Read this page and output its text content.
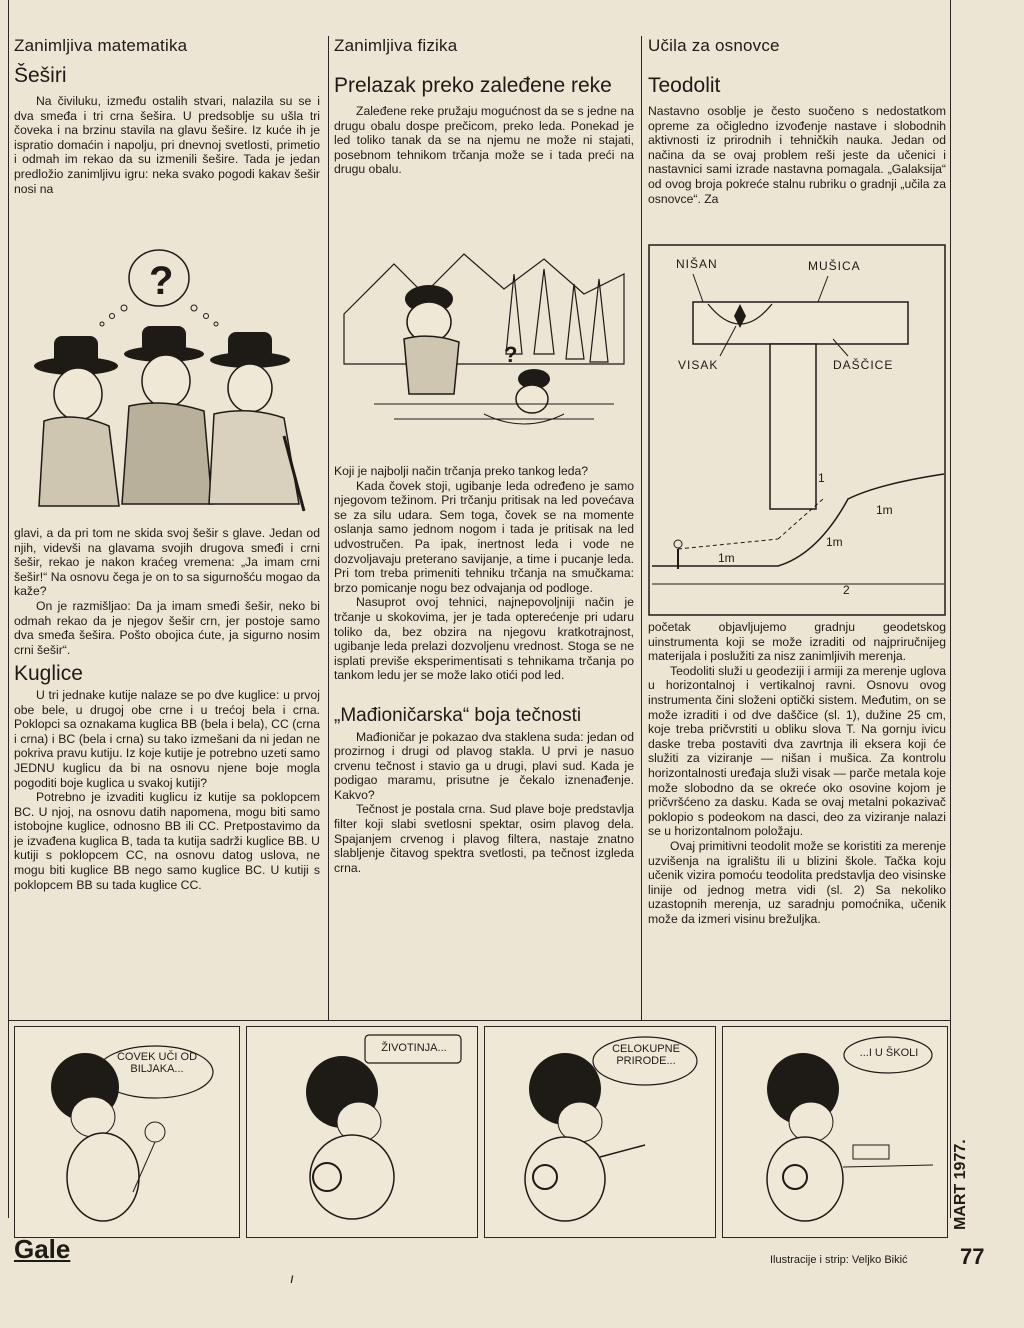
Zanimljiva matematika
Šeširi

Na čiviluku, između ostalih stvari, nalazila su se i dva smeđa i tri crna šešira. U predsoblje su ušla tri čoveka i na brzinu stavila na glavu šešire. Iz kuće ih je ispratio domaćin i napolju, pri dnevnoj svetlosti, primetio i odmah im rekao da su izmenili šešire. Tada je jedan predložio zanimljivu igru: neka svako pogodi kakav šešir nosi na

?

glavi, a da pri tom ne skida svoj šešir s glave. Jedan od njih, videvši na glavama svojih drugova smeđi i crni šešir, rekao je nakon kraćeg vremena: „Ja imam crni šešir!“ Na osnovu čega je on to sa sigurnošću mogao da kaže?

On je razmišljao: Da ja imam smeđi šešir, neko bi odmah rekao da je njegov šešir crn, jer postoje samo dva smeđa šešira. Pošto obojica ćute, ja sigurno nosim crni šešir“.

Kuglice

U tri jednake kutije nalaze se po dve kuglice: u prvoj obe bele, u drugoj obe crne i u trećoj bela i crna. Poklopci sa oznakama kuglica BB (bela i bela), CC (crna i crna) i BC (bela i crna) su tako izmešani da ni jedan ne pokriva pravu kutiju. Iz koje kutije je potrebno uzeti samo JEDNU kuglicu da bi na osnovu njene boje mogla pogoditi boje kuglica u svakoj kutiji?

Potrebno je izvaditi kuglicu iz kutije sa poklopcem BC. U njoj, na osnovu datih napomena, mogu biti samo istobojne kuglice, odnosno BB ili CC. Pretpostavimo da je izvađena kuglica B, tada ta kutija sadrži kuglice BB. U kutiji s poklopcem CC, na osnovu datog uslova, ne mogu biti kuglice BB nego samo kuglice BC. U kutiji s poklopcem BB su tada kuglice CC.

Zanimljiva fizika
Prelazak preko zaleđene reke

Zaleđene reke pružaju mogućnost da se s jedne na drugu obalu dospe prečicom, preko leda. Ponekad je led toliko tanak da se na njemu ne može ni stajati, posebnom tehnikom trčanja može se i tada preći na drugu obalu.

?

Koji je najbolji način trčanja preko tankog leda?

Kada čovek stoji, ugibanje leda određeno je samo njegovom težinom. Pri trčanju pritisak na led povećava se za silu udara. Sem toga, čovek se na momente oslanja samo jednom nogom i tada je pritisak na led udvostručen. Pa ipak, inertnost leda i vode ne dozvoljavaju preterano savijanje, a time i pucanje leda. Pri tom treba primeniti tehniku trčanja na smučkama: brzo pomicanje nogu bez odvajanja od podloge.

Nasuprot ovoj tehnici, najnepovoljniji način je trčanje u skokovima, jer je tada opterećenje pri udaru toliko da, bez obzira na njegovu kratkotrajnost, ugibanje leda prelazi dozvoljenu vrednost. Stoga se ne isplati previše eksperimentisati s tehnikama trčanja po tankom ledu jer se može lako otići pod led.

„Mađioničarska“ boja tečnosti

Mađioničar je pokazao dva staklena suda: jedan od prozirnog i drugi od plavog stakla. U prvi je nasuo crvenu tečnost i stavio ga u drugi, plavi sud. Kada je podigao maramu, prisutne je čekalo iznenađenje. Kakvo?

Tečnost je postala crna. Sud plave boje predstavlja filter koji slabi svetlosni spektar, osim plavog dela. Spajanjem crvenog i plavog filtera, nastaje znatno slabljenje čitavog spektra svetlosti, pa tečnost izgleda crna.

Učila za osnovce
Teodolit

Nastavno osoblje je često suočeno s nedostatkom opreme za očigledno izvođenje nastave i slobodnih aktivnosti iz prirodnih i tehničkih nauka. Jedan od načina da se ovaj problem reši jeste da učenici i nastavnici sami izrade nastavna pomagala. „Galaksija“ od ovog broja pokreće stalnu rubriku o gradnji „učila za osnovce“. Za

NIŠAN	MUŠICA
VISAK	DAŠČICE
1
1m
1m
1m
2

početak objavljujemo gradnju geodetskog uinstrumenta koji se može izraditi od najpriručnijeg materijala i poslužiti za nisz zanimljivih merenja.

Teodoliti služi u geodeziji i armiji za merenje uglova u horizontalnoj i vertikalnoj ravni. Osnovu ovog instrumenta čini složeni optički sistem. Međutim, on se može izraditi i od dve daščice (sl. 1), dužine 25 cm, koje treba pričvrstiti u obliku slova T. Na gornju ivicu daske treba postaviti dva zavrtnja ili eksera koji će služiti za viziranje — nišan i mušica. Za kontrolu horizontalnosti uređaja služi visak — parče metala koje može slobodno da se okreće oko osovine kojom je pričvršćeno za dasku. Kada se ovaj metalni pokazivač poklopio s podeokom na dasci, deo za viziranje nalazi se u horizontalnom položaju.

Ovaj primitivni teodolit može se koristiti za merenje uzvišenja na igralištu ili u blizini škole. Tačka koju učenik vizira pomoću teodolita predstavlja deo visinske linije od jednog metra vidi (sl. 2) Sa nekoliko uzastopnih merenja, uz saradnju pomoćnika, učenik može da izmeri visinu brežuljka.

ČOVEK UČI OD BILJAKA...
ŽIVOTINJA...	CELOKUPNE PRIRODE...
...I U ŠKOLI
Gale	Ilustracije i strip: Veljko Bikić
MART 1977.
77
ı
